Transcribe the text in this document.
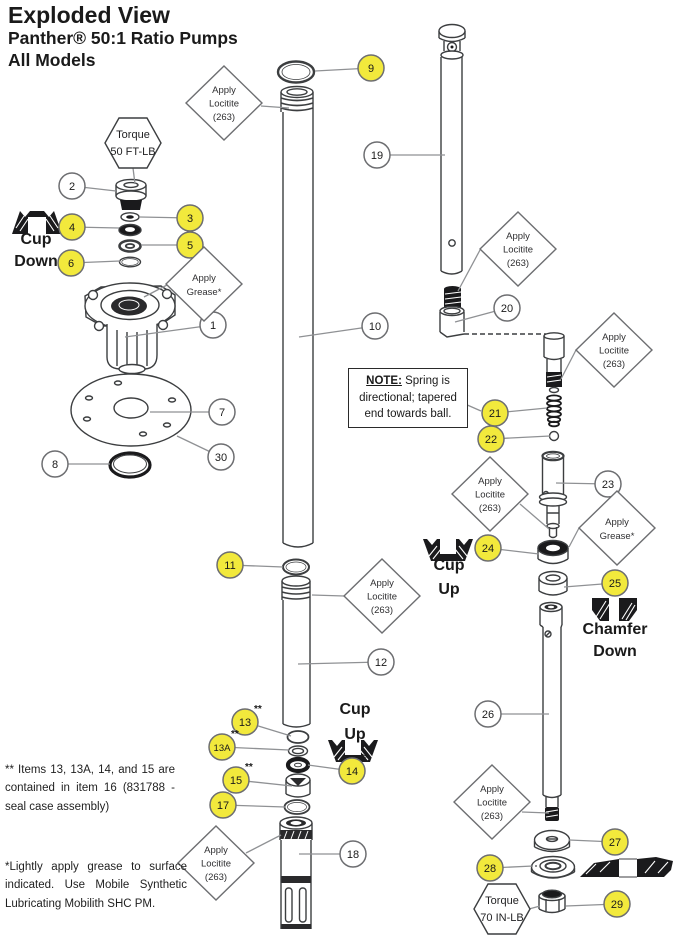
1
2
3
4
5
6
7
8
9
10
11
12
13
**
13A
**
14
**
15
**
17
18
19
20
21
22
23
24
25
26
27
28
29
30
Apply
Locitite
(263)
Apply
Grease*
Apply
Locitite
(263)
Apply
Locitite
(263)
Apply
Locitite
(263)
Apply
Grease*
Apply
Locitite
(263)
Apply
Locitite
(263)
Apply
Locitite
(263)
Torque
50 FT-LB
Torque
70 IN-LB
Exploded View
Panther® 50:1 Ratio Pumps
All Models
NOTE: Spring is directional; tapered end towards ball.
Cup
Down
Cup
Up
Cup
Up
Chamfer
Down
** Items 13, 13A, 14, and 15 are contained in item 16 (831788 - seal case assembly)
*Lightly apply grease to surface indicated. Use Mobile Synthetic Lubricating Mobilith SHC PM.
